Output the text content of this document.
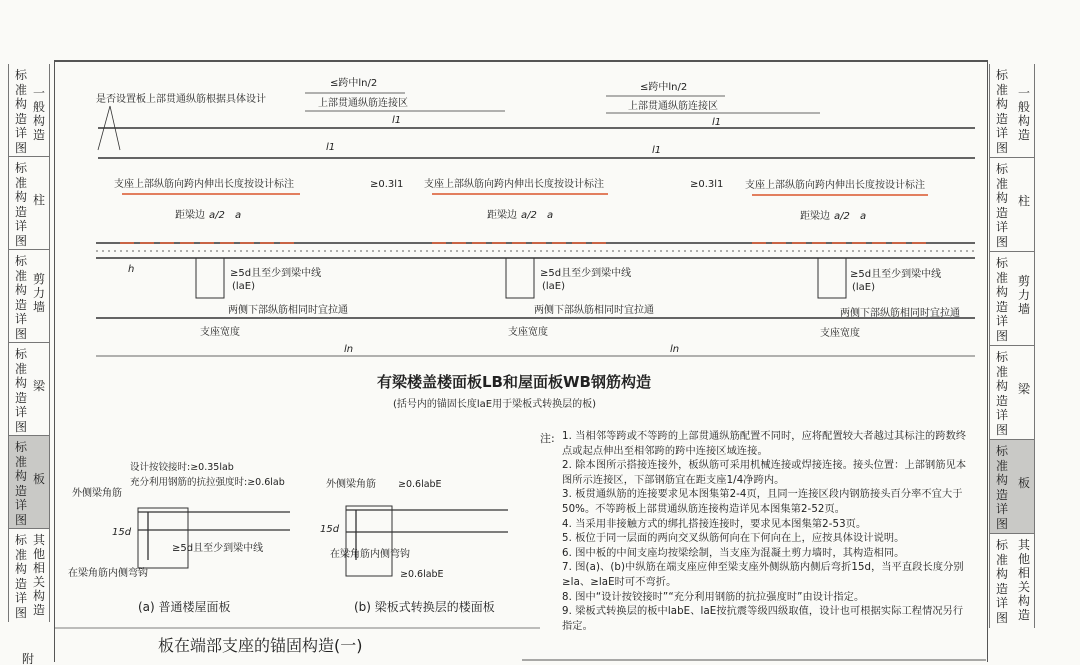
标准构造详图
一般构造
标准构造详图
柱
标准构造详图
剪力墙
标准构造详图
梁
标准构造详图
板
标准构造详图
其他相关构造
标准构造详图
一般构造
标准构造详图
柱
标准构造详图
剪力墙
标准构造详图
梁
标准构造详图
板
标准构造详图
其他相关构造
是否设置板上部贯通纵筋根据具体设计
≤跨中ln/2
上部贯通纵筋连接区
l1
≤跨中ln/2
上部贯通纵筋连接区
l1
l1	l1
支座上部纵筋向跨内伸出长度按设计标注	支座上部纵筋向跨内伸出长度按设计标注	支座上部纵筋向跨内伸出长度按设计标注
≥0.3l1	≥0.3l1
距梁边 a/2 a	距梁边 a/2 a	距梁边 a/2 a
h	≥5d且至少到梁中线
(laE)
≥5d且至少到梁中线
(laE)
≥5d且至少到梁中线
(laE)
两侧下部纵筋相同时宜拉通	两侧下部纵筋相同时宜拉通	两侧下部纵筋相同时宜拉通
支座宽度	支座宽度	支座宽度
ln	ln
设计按铰接时:≥0.35lab
充分利用钢筋的抗拉强度时:≥0.6lab
外侧梁角筋
15d
≥5d且至少到梁中线
在梁角筋内侧弯钩
外侧梁角筋 ≥0.6labE
15d
在梁角筋内侧弯钩
≥0.6labE
有梁楼盖楼面板LB和屋面板WB钢筋构造
(括号内的锚固长度laE用于梁板式转换层的板)
(a) 普通楼屋面板	(b) 梁板式转换层的楼面板
板在端部支座的锚固构造(一)
注: 1. 当相邻等跨或不等跨的上部贯通纵筋配置不同时，应将配置较大者越过其标注的跨数终点或起点伸出至相邻跨的跨中连接区域连接。

2. 除本图所示搭接连接外，板纵筋可采用机械连接或焊接连接。接头位置：上部钢筋见本图所示连接区，下部钢筋宜在距支座1/4净跨内。

3. 板贯通纵筋的连接要求见本图集第2-4页，且同一连接区段内钢筋接头百分率不宜大于50%。不等跨板上部贯通纵筋连接构造详见本图集第2-52页。

4. 当采用非接触方式的绑扎搭接连接时，要求见本图集第2-53页。

5. 板位于同一层面的两向交叉纵筋何向在下何向在上，应按具体设计说明。

6. 图中板的中间支座均按梁绘制，当支座为混凝土剪力墙时，其构造相同。

7. 图(a)、(b)中纵筋在端支座应伸至梁支座外侧纵筋内侧后弯折15d，当平直段长度分别≥la、≥laE时可不弯折。

8. 图中“设计按铰接时”“充分利用钢筋的抗拉强度时”由设计指定。

9. 梁板式转换层的板中labE、laE按抗震等级四级取值，设计也可根据实际工程情况另行指定。

附
